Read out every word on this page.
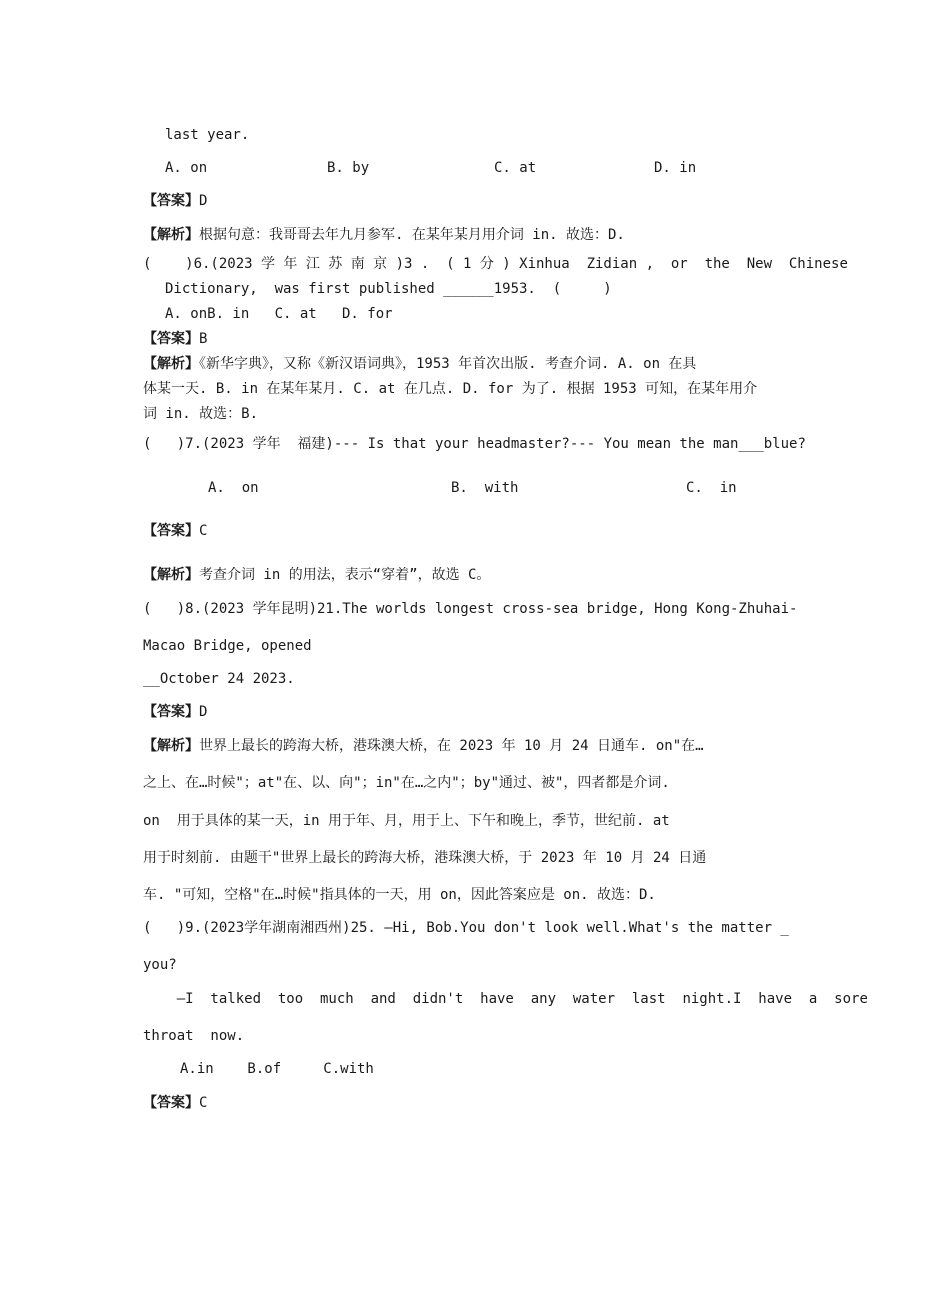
last year.
A. on	B. by	C. at	D. in
【答案】D
【解析】根据句意：我哥哥去年九月参军. 在某年某月用介词 in. 故选：D.
(    )6.(2023 学 年 江 苏 南 京 )3 .  ( 1 分 ) Xinhua  Zidian ,  or  the  New  Chinese
Dictionary,  was first published ______1953.  (     )
A. onB. in   C. at   D. for
【答案】B
【解析】《新华字典》，又称《新汉语词典》，1953 年首次出版. 考查介词. A. on 在具
体某一天. B. in 在某年某月. C. at 在几点. D. for 为了. 根据 1953 可知，在某年用介
词 in. 故选：B.
(   )7.(2023 学年  福建)--- Is that your headmaster?--- You mean the man___blue?
A.  on	B.  with	C.  in
【答案】C
【解析】考查介词 in 的用法，表示“穿着”，故选 C。
(   )8.(2023 学年昆明)21.The worlds longest cross-sea bridge, Hong Kong-Zhuhai-
Macao Bridge, opened
__October 24 2023.
【答案】D
【解析】世界上最长的跨海大桥，港珠澳大桥，在 2023 年 10 月 24 日通车. on"在…
之上、在…时候"；at"在、以、向"；in"在…之内"；by"通过、被"，四者都是介词.
on  用于具体的某一天，in 用于年、月，用于上、下午和晚上，季节，世纪前. at
用于时刻前. 由题干"世界上最长的跨海大桥，港珠澳大桥，于 2023 年 10 月 24 日通
车. "可知，空格"在…时候"指具体的一天，用 on，因此答案应是 on. 故选：D.
(   )9.(2023学年湖南湘西州)25. —Hi, Bob.You don't look well.What's the matter _
you?
—I  talked  too  much  and  didn't  have  any  water  last  night.I  have  a  sore
throat  now.
A.in    B.of     C.with
【答案】C
